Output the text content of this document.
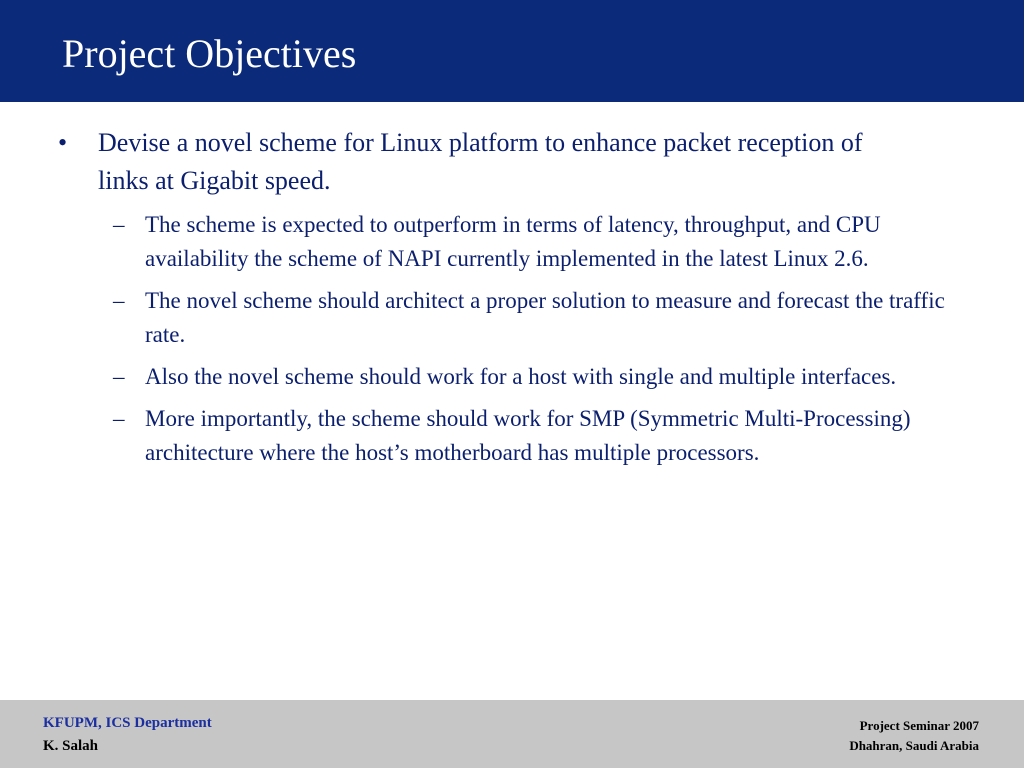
Project Objectives
• Devise a novel scheme for Linux platform to enhance packet reception of links at Gigabit speed.
– The scheme is expected to outperform in terms of latency, throughput, and CPU availability the scheme of NAPI currently implemented in the latest Linux 2.6.
– The novel scheme should architect a proper solution to measure and forecast the traffic rate.
– Also the novel scheme should work for a host with single and multiple interfaces.
– More importantly, the scheme should work for SMP (Symmetric Multi-Processing) architecture where the host’s motherboard has multiple processors.
KFUPM, ICS Department
K. Salah
Project Seminar 2007
Dhahran, Saudi Arabia
